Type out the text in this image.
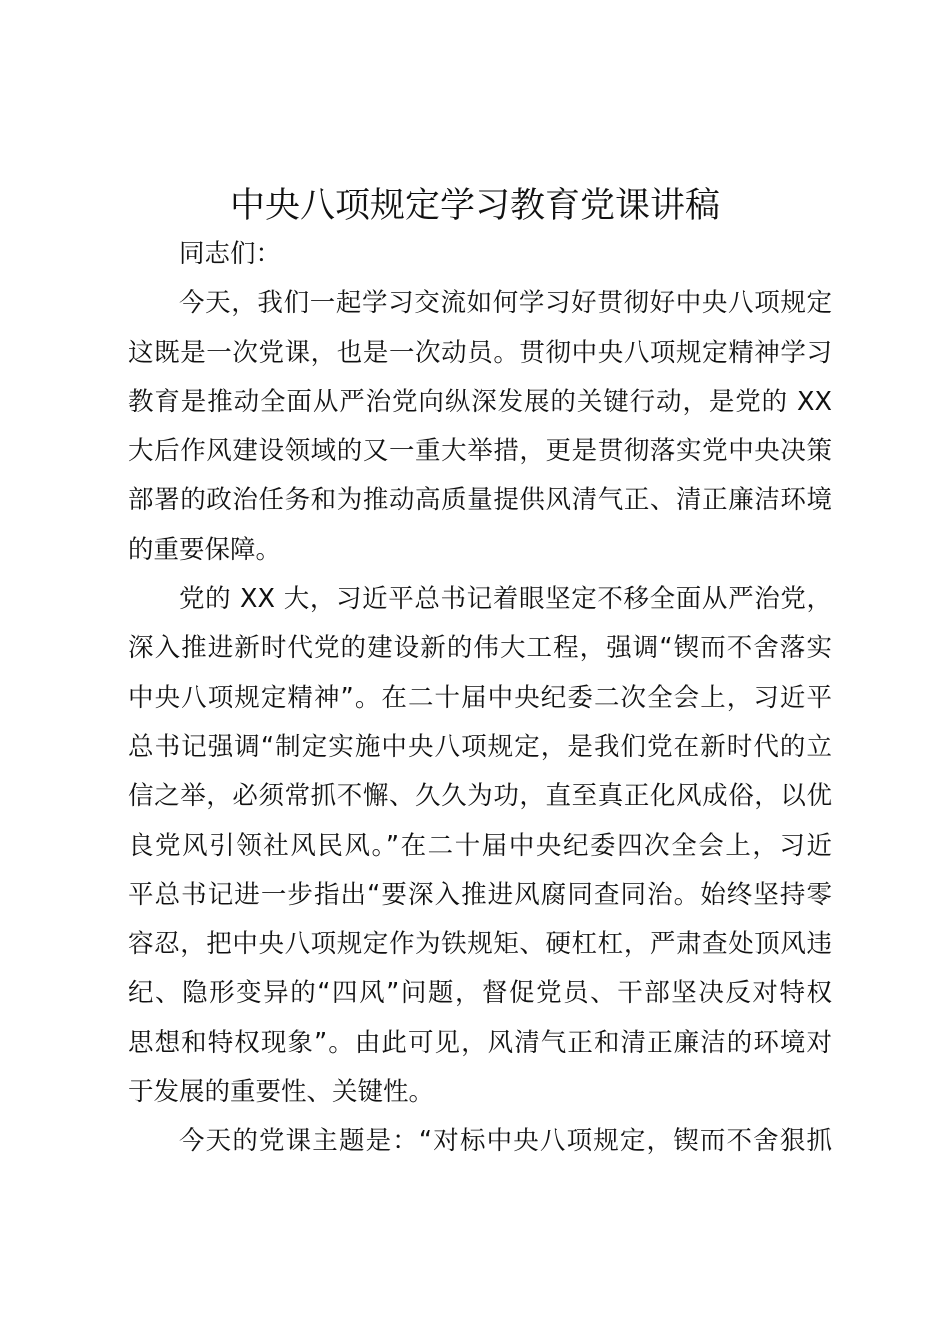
中央八项规定学习教育党课讲稿
同志们：
今天，我们一起学习交流如何学习好贯彻好中央八项规定
这既是一次党课，也是一次动员。贯彻中央八项规定精神学习
教育是推动全面从严治党向纵深发展的关键行动，是党的 XX
大后作风建设领域的又一重大举措，更是贯彻落实党中央决策
部署的政治任务和为推动高质量提供风清气正、清正廉洁环境
的重要保障。
党的 XX 大，习近平总书记着眼坚定不移全面从严治党，
深入推进新时代党的建设新的伟大工程，强调“锲而不舍落实
中央八项规定精神”。在二十届中央纪委二次全会上，习近平
总书记强调“制定实施中央八项规定，是我们党在新时代的立
信之举，必须常抓不懈、久久为功，直至真正化风成俗，以优
良党风引领社风民风。”在二十届中央纪委四次全会上，习近
平总书记进一步指出“要深入推进风腐同查同治。始终坚持零
容忍，把中央八项规定作为铁规矩、硬杠杠，严肃查处顶风违
纪、隐形变异的“四风”问题，督促党员、干部坚决反对特权
思想和特权现象”。由此可见，风清气正和清正廉洁的环境对
于发展的重要性、关键性。
今天的党课主题是：“对标中央八项规定，锲而不舍狠抓
